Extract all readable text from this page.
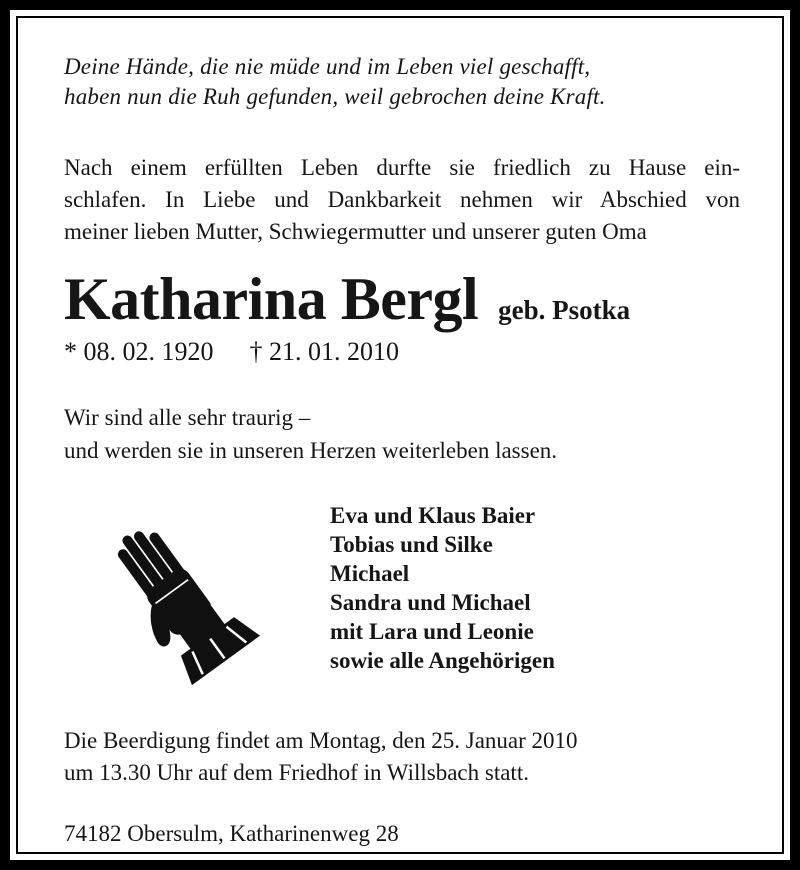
Deine Hände, die nie müde und im Leben viel geschafft,
haben nun die Ruh gefunden, weil gebrochen deine Kraft.
Nach einem erfüllten Leben durfte sie friedlich zu Hause ein-
schlafen. In Liebe und Dankbarkeit nehmen wir Abschied von
meiner lieben Mutter, Schwiegermutter und unserer guten Oma
Katharina Bergl geb. Psotka
* 08. 02. 1920 † 21. 01. 2010
Wir sind alle sehr traurig –
und werden sie in unseren Herzen weiterleben lassen.
Eva und Klaus Baier
Tobias und Silke
Michael
Sandra und Michael
mit Lara und Leonie
sowie alle Angehörigen
Die Beerdigung findet am Montag, den 25. Januar 2010
um 13.30 Uhr auf dem Friedhof in Willsbach statt.
74182 Obersulm, Katharinenweg 28
